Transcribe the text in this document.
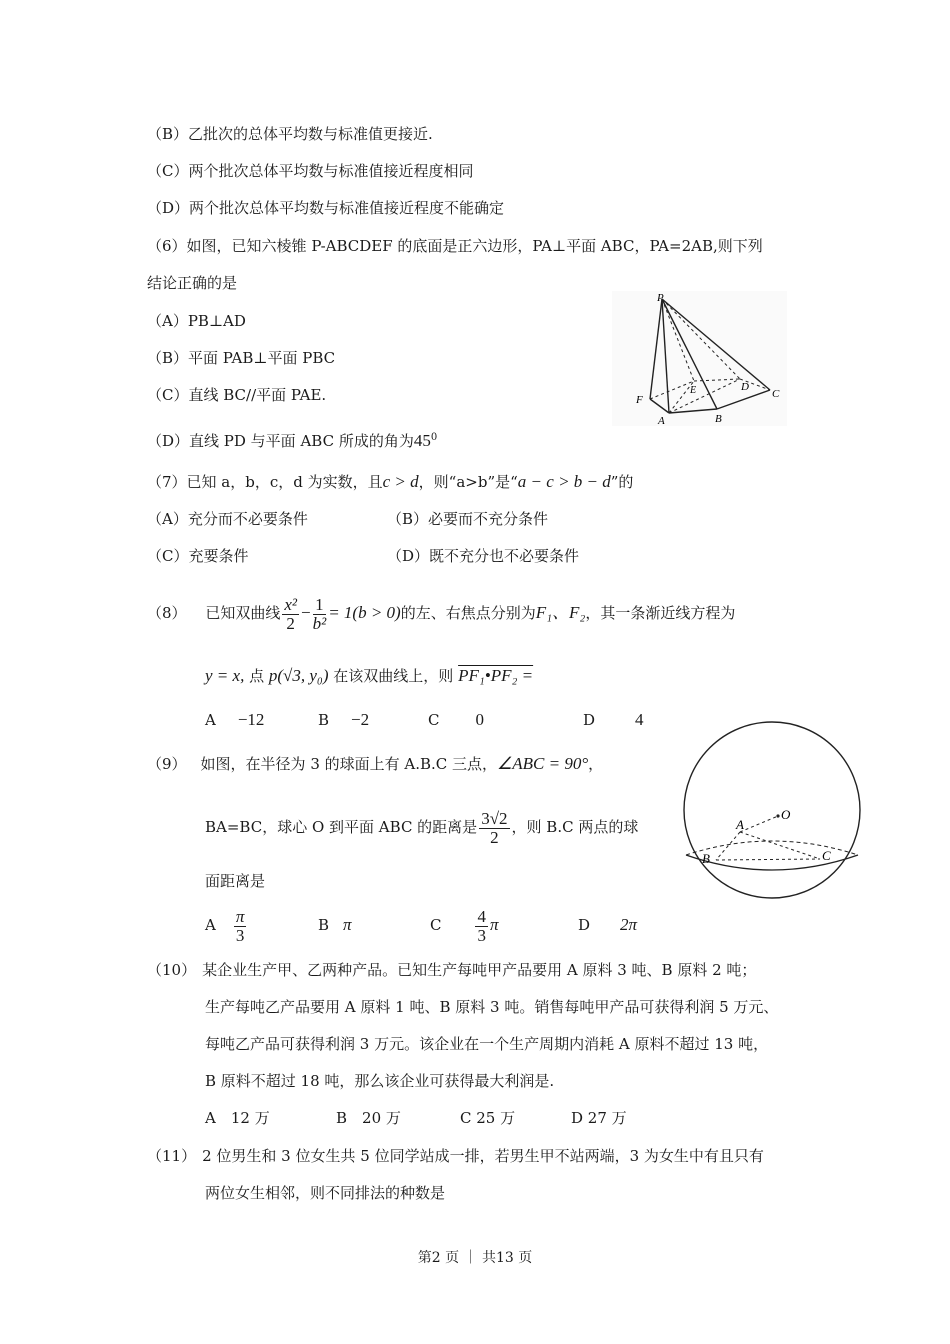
（B）乙批次的总体平均数与标准值更接近.
（C）两个批次总体平均数与标准值接近程度相同
（D）两个批次总体平均数与标准值接近程度不能确定
（6）如图，已知六棱锥 P-ABCDEF 的底面是正六边形，PA⊥平面 ABC，PA=2AB,则下列
结论正确的是
（A）PB⊥AD
（B）平面 PAB⊥平面 PBC
（C）直线 BC//平面 PAE.
（D）直线 PD 与平面 ABC 所成的角为$45^0$
P
F
A	B
C
D
E
（7）已知 a，b，c，d 为实数，且c > d，则“a>b”是“a − c > b − d”的
（A）充分而不必要条件	（B）必要而不充分条件
（C）充要条件	（D）既不充分也不必要条件
（8） 已知双曲线 $\frac{\text{x²}}{2} - \frac{1}{\text{b²}} = 1(b > 0)$的左、右焦点分别为F₁、F₂，其一条渐近线方程为
y = x, 点 p(√3, y₀) 在该双曲线上，则 PF₁•PF₂ =
A −12	B −2	C 0	D 4
（9） 如图，在半径为 3 的球面上有 A.B.C 三点，∠ABC = 90°，
BA=BC，球心 O 到平面 ABC 的距离是 $\frac{3√2}{2}$ ，则 B.C 两点的球
面距离是
A $\frac{\pi}{3}$	B π	C $\frac{4}{3}$ π	D 2π
A
O
B	C
（10） 某企业生产甲、乙两种产品。已知生产每吨甲产品要用 A 原料 3 吨、B 原料 2 吨；
生产每吨乙产品要用 A 原料 1 吨、B 原料 3 吨。销售每吨甲产品可获得利润 5 万元、
每吨乙产品可获得利润 3 万元。该企业在一个生产周期内消耗 A 原料不超过 13 吨，
B 原料不超过 18 吨，那么该企业可获得最大利润是.
A　12 万	B　20 万	C 25 万	D 27 万
（11） 2 位男生和 3 位女生共 5 位同学站成一排，若男生甲不站两端，3 为女生中有且只有
两位女生相邻，则不同排法的种数是
第2 页 ｜ 共13 页
